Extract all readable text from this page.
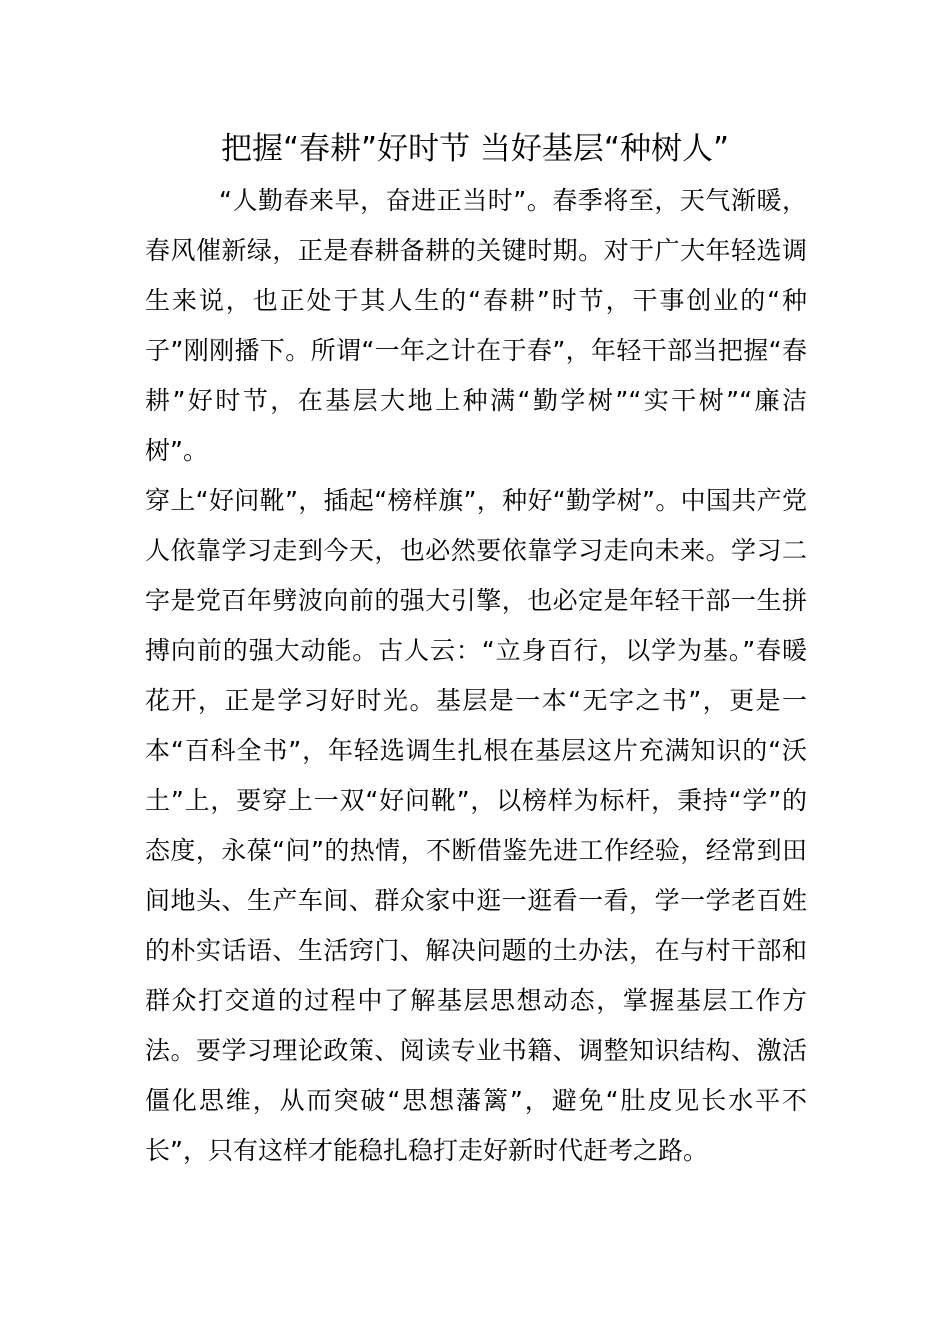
把握“春耕”好时节 当好基层“种树人”

“人勤春来早，奋进正当时”。春季将至，天气渐暖，春风催新绿，正是春耕备耕的关键时期。对于广大年轻选调生来说，也正处于其人生的“春耕”时节，干事创业的“种子”刚刚播下。所谓“一年之计在于春”，年轻干部当把握“春耕”好时节，在基层大地上种满“勤学树”“实干树”“廉洁树”。

穿上“好问靴”，插起“榜样旗”，种好“勤学树”。中国共产党人依靠学习走到今天，也必然要依靠学习走向未来。学习二字是党百年劈波向前的强大引擎，也必定是年轻干部一生拼搏向前的强大动能。古人云：“立身百行，以学为基。”春暖花开，正是学习好时光。基层是一本“无字之书”，更是一本“百科全书”，年轻选调生扎根在基层这片充满知识的“沃土”上，要穿上一双“好问靴”，以榜样为标杆，秉持“学”的态度，永葆“问”的热情，不断借鉴先进工作经验，经常到田间地头、生产车间、群众家中逛一逛看一看，学一学老百姓的朴实话语、生活窍门、解决问题的土办法，在与村干部和群众打交道的过程中了解基层思想动态，掌握基层工作方法。要学习理论政策、阅读专业书籍、调整知识结构、激活僵化思维，从而突破“思想藩篱”，避免“肚皮见长水平不长”，只有这样才能稳扎稳打走好新时代赶考之路。
